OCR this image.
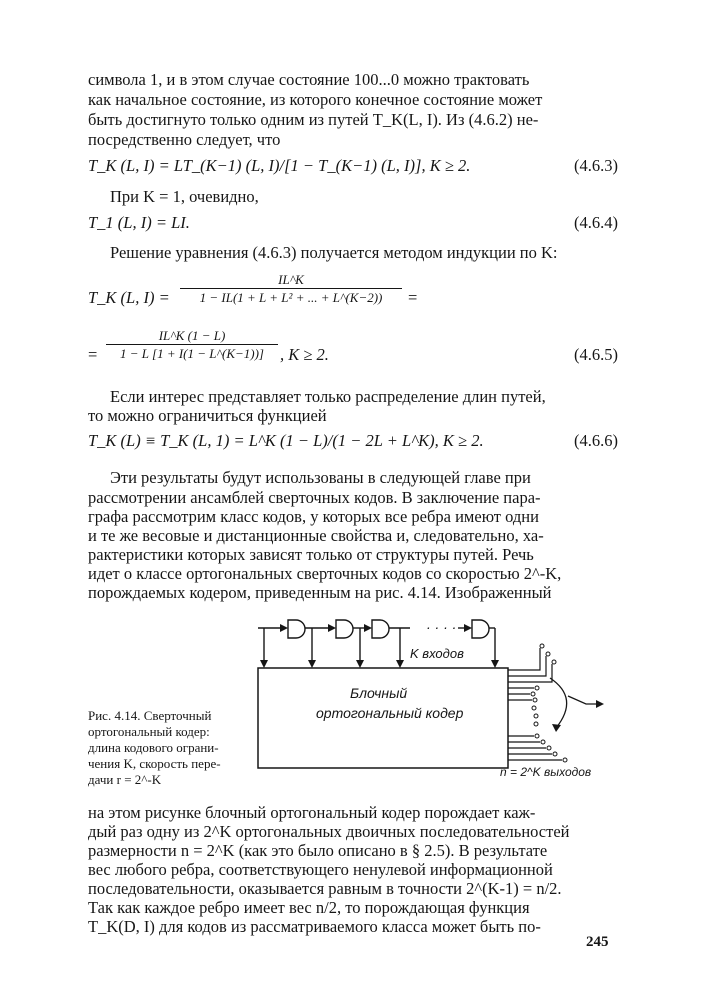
символа 1, и в этом случае состояние 100...0 можно трактовать
как начальное состояние, из которого конечное состояние может
быть достигнуто только одним из путей T_K(L, I). Из (4.6.2) не-
посредственно следует, что
T_K (L, I) = LT_(K−1) (L, I)/[1 − T_(K−1) (L, I)], K ≥ 2.	(4.6.3)
При K = 1, очевидно,
T_1 (L, I) = LI.	(4.6.4)
Решение уравнения (4.6.3) получается методом индукции по K:
T_K (L, I) =
IL^K
1 − IL(1 + L + L² + ... + L^(K−2))	=
=
IL^K (1 − L)
1 − L [1 + I(1 − L^(K−1))] , K ≥ 2.	(4.6.5)
Если интерес представляет только распределение длин путей,
то можно ограничиться функцией
T_K (L) ≡ T_K (L, 1) = L^K (1 − L)/(1 − 2L + L^K), K ≥ 2.	(4.6.6)
Эти результаты будут использованы в следующей главе при
рассмотрении ансамблей сверточных кодов. В заключение пара-
графа рассмотрим класс кодов, у которых все ребра имеют одни
и те же весовые и дистанционные свойства и, следовательно, ха-
рактеристики которых зависят только от структуры путей. Речь
идет о классе ортогональных сверточных кодов со скоростью 2^-K,
порождаемых кодером, приведенным на рис. 4.14. Изображенный
· · · ·
K входов
Блочный
ортогональный кодер
n = 2^K выходов
Рис. 4.14. Сверточный
ортогональный кодер:
длина кодового ограни-
чения K, скорость пере-
дачи r = 2^-K
на этом рисунке блочный ортогональный кодер порождает каж-
дый раз одну из 2^K ортогональных двоичных последовательностей
размерности n = 2^K (как это было описано в § 2.5). В результате
вес любого ребра, соответствующего ненулевой информационной
последовательности, оказывается равным в точности 2^(K-1) = n/2.
Так как каждое ребро имеет вес n/2, то порождающая функция
T_K(D, I) для кодов из рассматриваемого класса может быть по-
245
